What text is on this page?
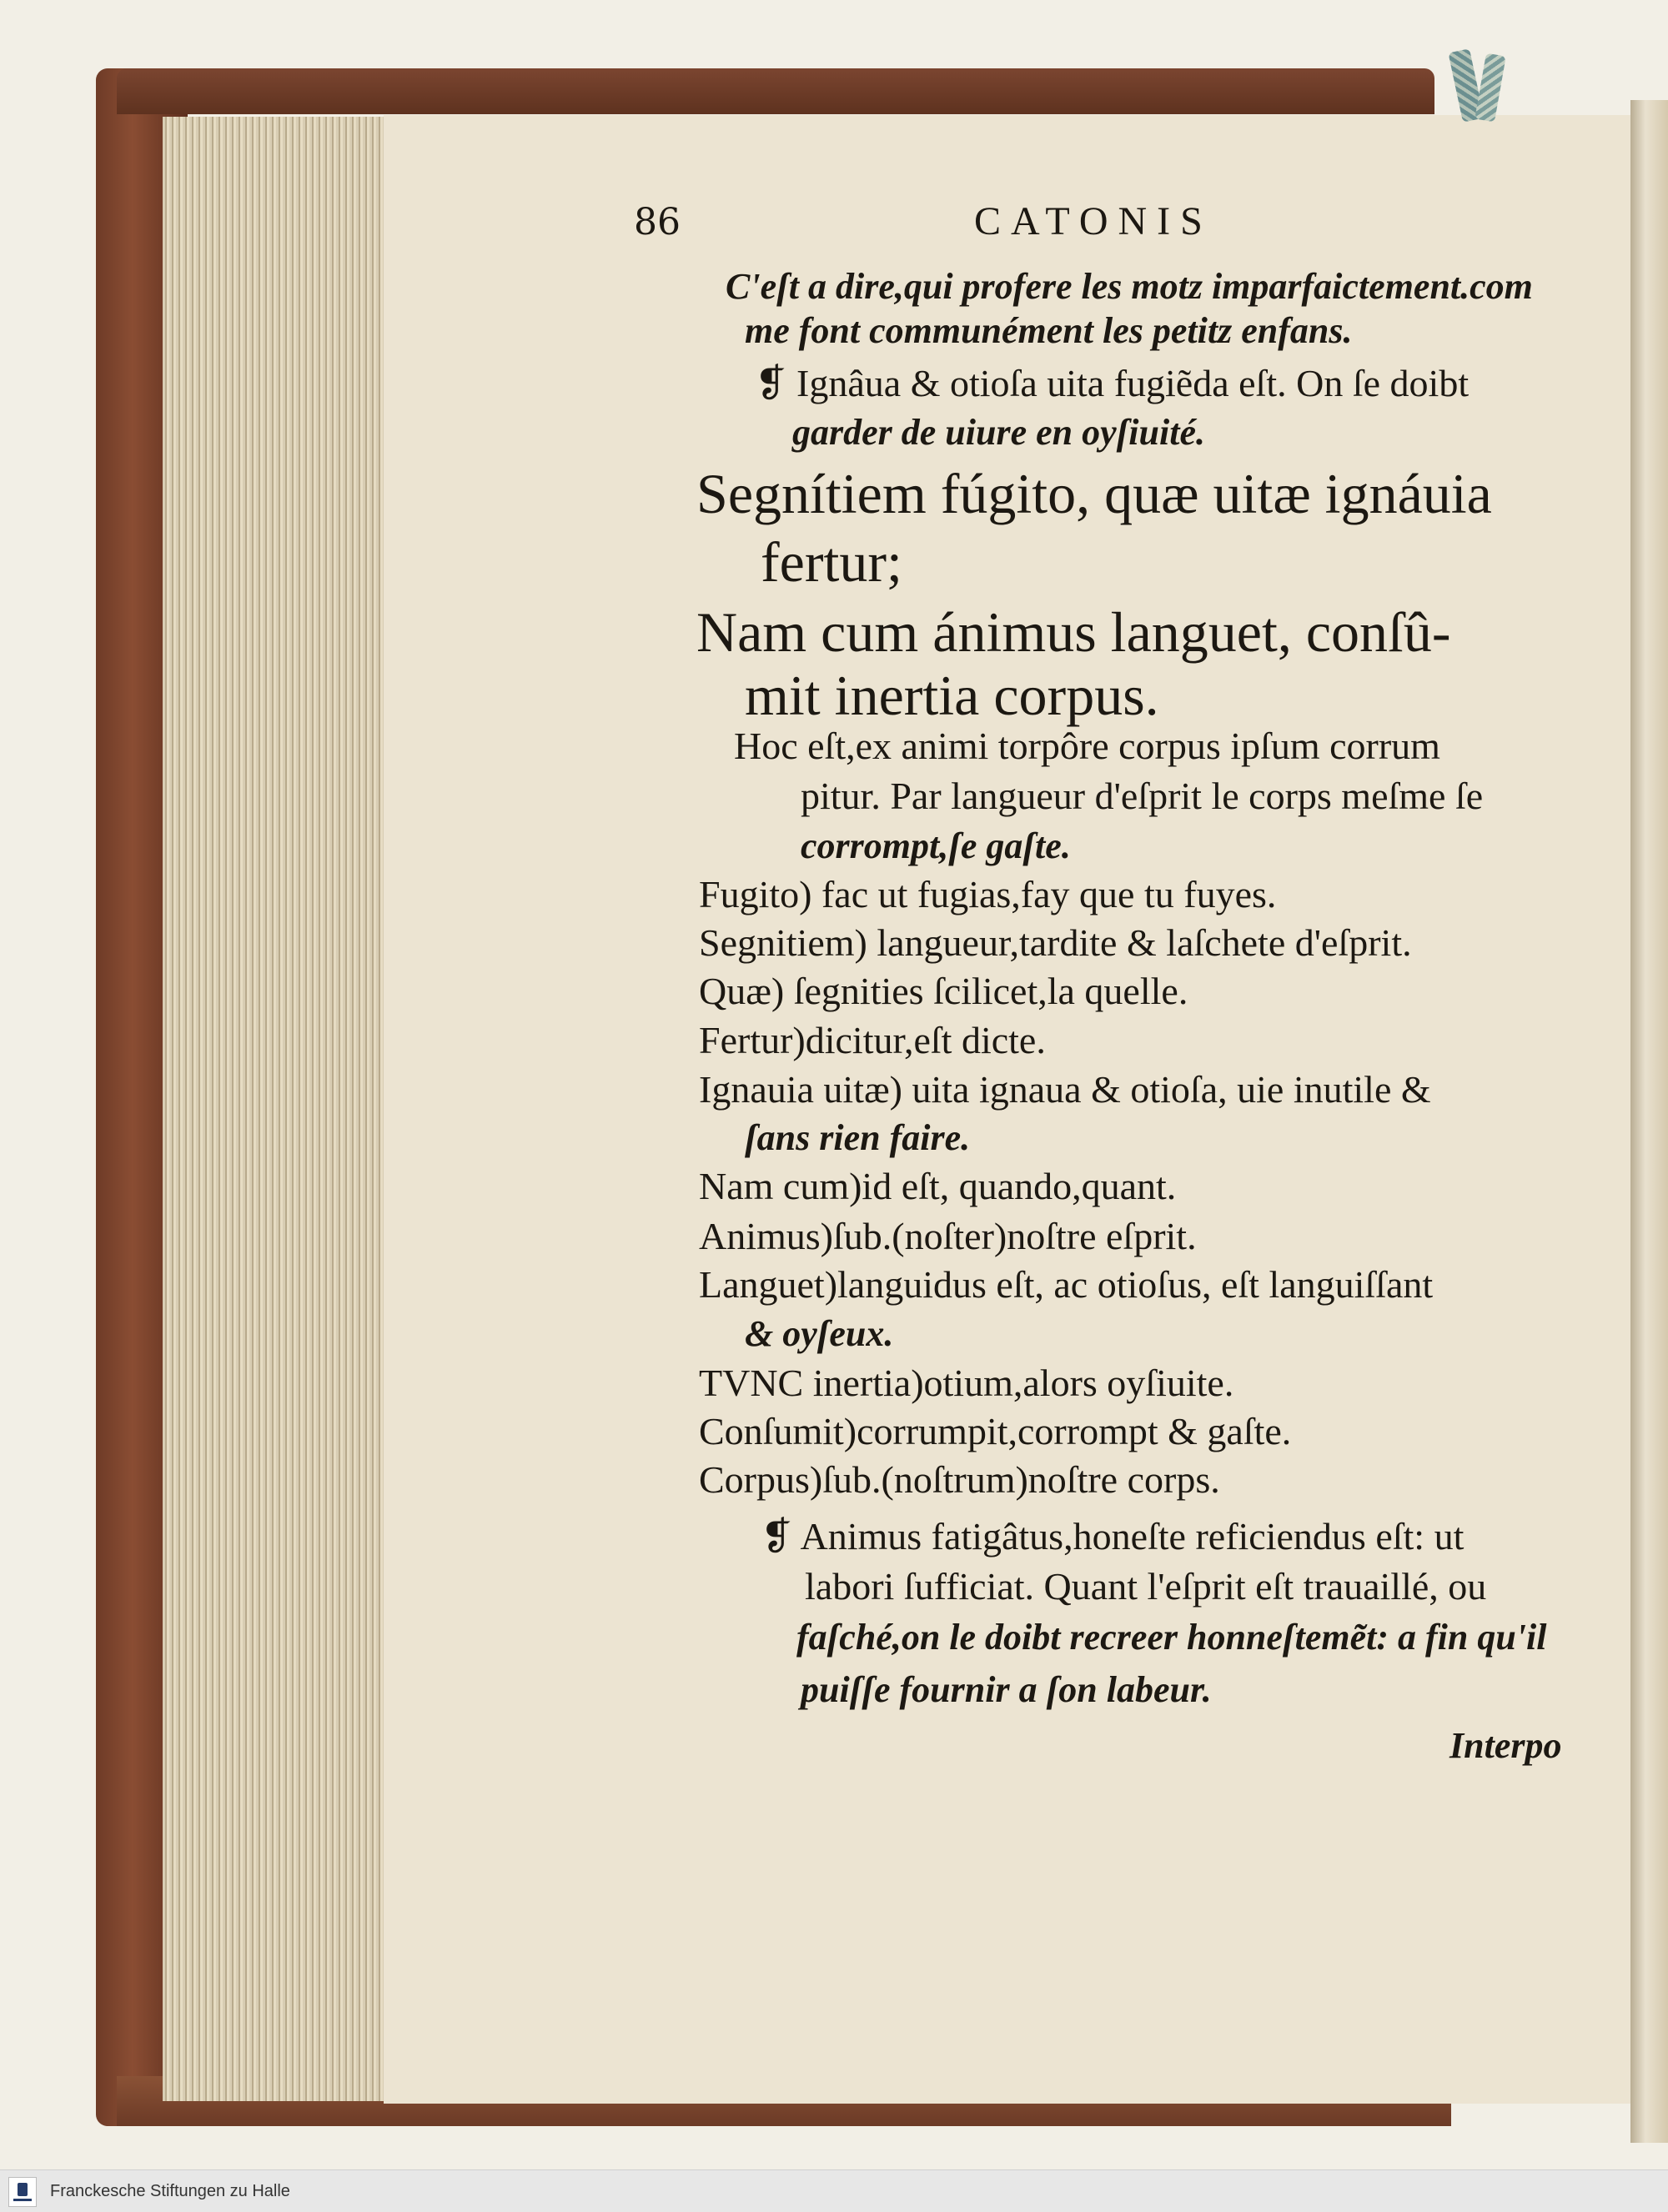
86	CATONIS
C'eſt a dire,qui profere les motz imparfaictement.com
me font communément les petitz enfans.
❡ Ignâua & otioſa uita fugiẽda eſt. On ſe doibt
garder de uiure en oyſiuité.
Segnítiem fúgito, quæ uitæ ignáuia
fertur;
Nam cum ánimus languet, conſû-
mit inertia corpus.
Hoc eſt,ex animi torpôre corpus ipſum corrum
pitur. Par langueur d'eſprit le corps meſme ſe
corrompt,ſe gaſte.
Fugito) fac ut fugias,fay que tu fuyes.
Segnitiem) langueur,tardite & laſchete d'eſprit.
Quæ) ſegnities ſcilicet,la quelle.
Fertur)dicitur,eſt dicte.
Ignauia uitæ) uita ignaua & otioſa, uie inutile &
ſans rien faire.
Nam cum)id eſt, quando,quant.
Animus)ſub.(noſter)noſtre eſprit.
Languet)languidus eſt, ac otioſus, eſt languiſſant
& oyſeux.
TVNC inertia)otium,alors oyſiuite.
Conſumit)corrumpit,corrompt & gaſte.
Corpus)ſub.(noſtrum)noſtre corps.
❡ Animus fatigâtus,honeſte reficiendus eſt: ut
labori ſufficiat. Quant l'eſprit eſt trauaillé, ou
faſché,on le doibt recreer honneſtemẽt: a fin qu'il
puiſſe fournir a ſon labeur.
Interpo
Franckesche Stiftungen zu Halle
